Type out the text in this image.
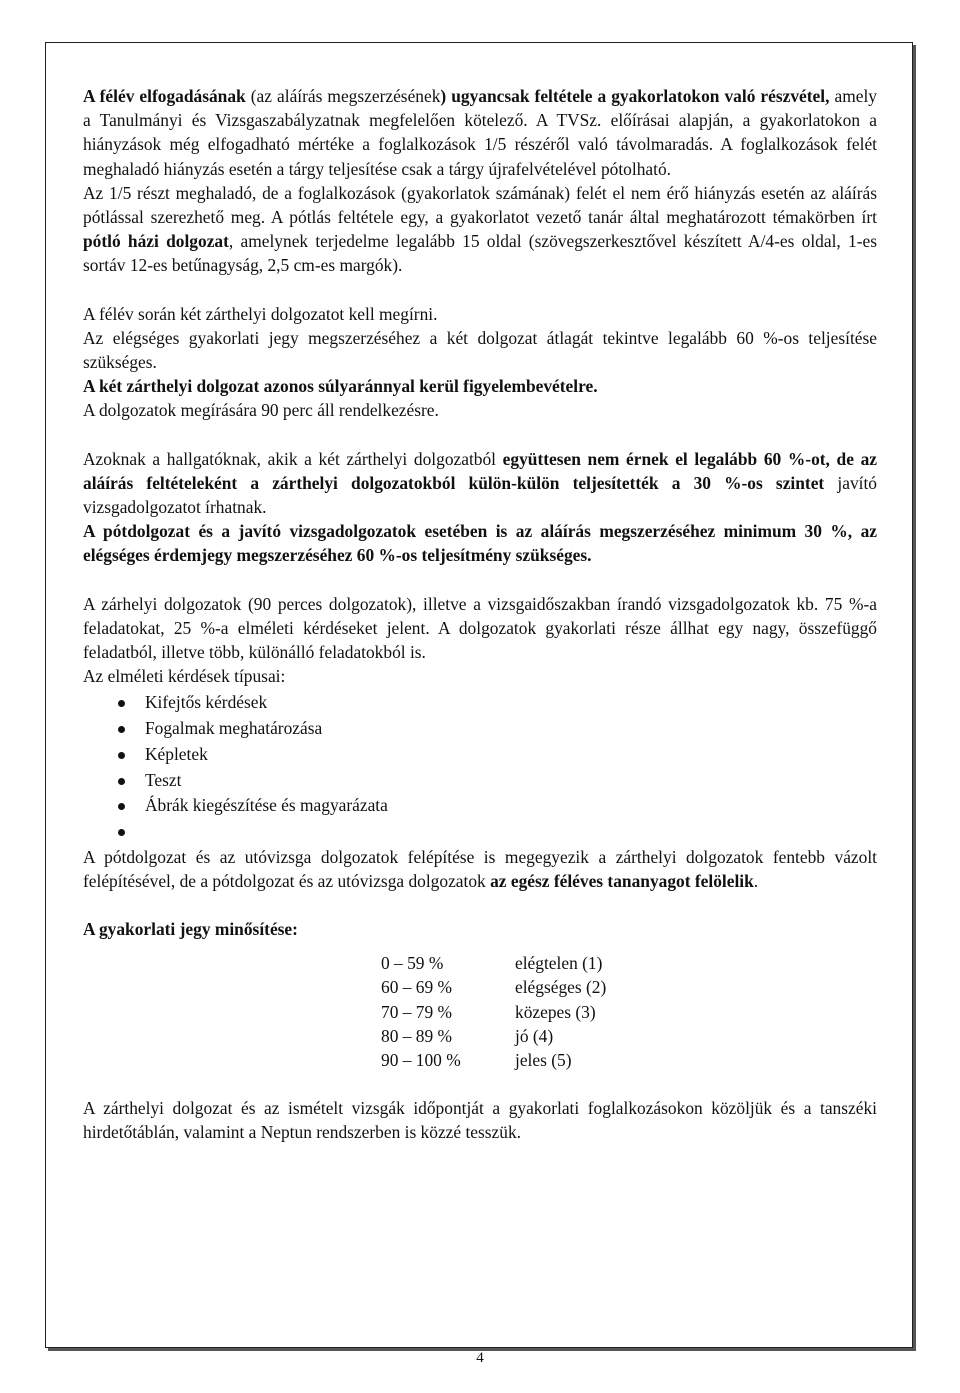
A félév elfogadásának (az aláírás megszerzésének) ugyancsak feltétele a gyakorlatokon való részvétel, amely a Tanulmányi és Vizsgaszabályzatnak megfelelően kötelező. A TVSz. előírásai alapján, a gyakorlatokon a hiányzások még elfogadható mértéke a foglalkozások 1/5 részéről való távolmaradás. A foglalkozások felét meghaladó hiányzás esetén a tárgy teljesítése csak a tárgy újrafelvételével pótolható.

Az 1/5 részt meghaladó, de a foglalkozások (gyakorlatok számának) felét el nem érő hiányzás esetén az aláírás pótlással szerezhető meg. A pótlás feltétele egy, a gyakorlatot vezető tanár által meghatározott témakörben írt pótló házi dolgozat, amelynek terjedelme legalább 15 oldal (szövegszerkesztővel készített A/4-es oldal, 1-es sortáv 12-es betűnagyság, 2,5 cm-es margók).

A félév során két zárthelyi dolgozatot kell megírni.

Az elégséges gyakorlati jegy megszerzéséhez a két dolgozat átlagát tekintve legalább 60 %-os teljesítése szükséges.

A két zárthelyi dolgozat azonos súlyaránnyal kerül figyelembevételre.

A dolgozatok megírására 90 perc áll rendelkezésre.

Azoknak a hallgatóknak, akik a két zárthelyi dolgozatból együttesen nem érnek el legalább 60 %-ot, de az aláírás feltételeként a zárthelyi dolgozatokból külön-külön teljesítették a 30 %-os szintet javító vizsgadolgozatot írhatnak.

A pótdolgozat és a javító vizsgadolgozatok esetében is az aláírás megszerzéséhez minimum 30 %, az elégséges érdemjegy megszerzéséhez 60 %-os teljesítmény szükséges.

A zárhelyi dolgozatok (90 perces dolgozatok), illetve a vizsgaidőszakban írandó vizsgadolgozatok kb. 75 %-a feladatokat, 25 %-a elméleti kérdéseket jelent. A dolgozatok gyakorlati része állhat egy nagy, összefüggő feladatból, illetve több, különálló feladatokból is.

Az elméleti kérdések típusai:

Kifejtős kérdések
Fogalmak meghatározása
Képletek
Teszt
Ábrák kiegészítése és magyarázata

A pótdolgozat és az utóvizsga dolgozatok felépítése is megegyezik a zárthelyi dolgozatok fentebb vázolt felépítésével, de a pótdolgozat és az utóvizsga dolgozatok az egész féléves tananyagot felölelik.

A gyakorlati jegy minősítése:

0 – 59 %	elégtelen (1)
60 – 69 %	elégséges (2)
70 – 79 %	közepes (3)
80 – 89 %	jó (4)
90 – 100 %	jeles (5)

A zárthelyi dolgozat és az ismételt vizsgák időpontját a gyakorlati foglalkozásokon közöljük és a tanszéki hirdetőtáblán, valamint a Neptun rendszerben is közzé tesszük.

4
